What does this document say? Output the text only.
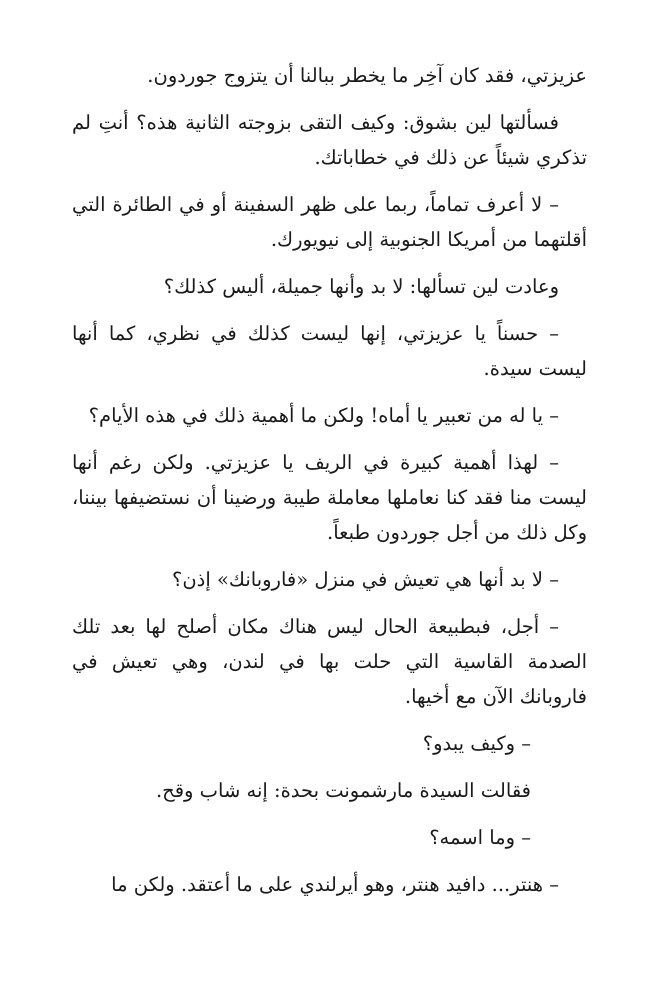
عزيزتي، فقد كان آخِر ما يخطر ببالنا أن يتزوج جوردون.

فسألتها لين بشوق: وكيف التقى بزوجته الثانية هذه؟ أنتِ لم تذكري شيئاً عن ذلك في خطاباتك.

– لا أعرف تماماً، ربما على ظهر السفينة أو في الطائرة التي أقلتهما من أمريكا الجنوبية إلى نيويورك.

وعادت لين تسألها: لا بد وأنها جميلة، أليس كذلك؟

– حسناً يا عزيزتي، إنها ليست كذلك في نظري، كما أنها ليست سيدة.

– يا له من تعبير يا أماه! ولكن ما أهمية ذلك في هذه الأيام؟

– لهذا أهمية كبيرة في الريف يا عزيزتي. ولكن رغم أنها ليست منا فقد كنا نعاملها معاملة طيبة ورضينا أن نستضيفها بيننا، وكل ذلك من أجل جوردون طبعاً.

– لا بد أنها هي تعيش في منزل «فاروبانك» إذن؟

– أجل، فبطبيعة الحال ليس هناك مكان أصلح لها بعد تلك الصدمة القاسية التي حلت بها في لندن، وهي تعيش في فاروبانك الآن مع أخيها.

– وكيف يبدو؟

فقالت السيدة مارشمونت بحدة: إنه شاب وقح.

– وما اسمه؟

– هنتر... دافيد هنتر، وهو أيرلندي على ما أعتقد. ولكن ما
